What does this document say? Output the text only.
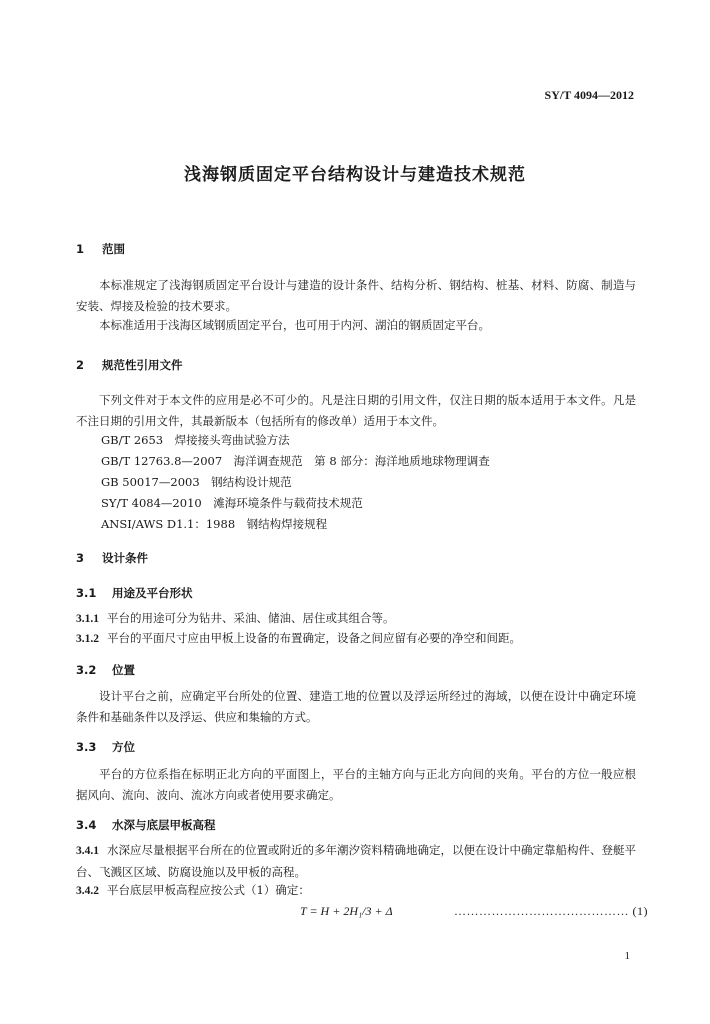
SY/T 4094—2012
浅海钢质固定平台结构设计与建造技术规范
1 范围
本标准规定了浅海钢质固定平台设计与建造的设计条件、结构分析、钢结构、桩基、材料、防腐、制造与安装、焊接及检验的技术要求。
本标准适用于浅海区域钢质固定平台，也可用于内河、湖泊的钢质固定平台。
2 规范性引用文件
下列文件对于本文件的应用是必不可少的。凡是注日期的引用文件，仅注日期的版本适用于本文件。凡是不注日期的引用文件，其最新版本（包括所有的修改单）适用于本文件。
GB/T 2653　焊接接头弯曲试验方法
GB/T 12763.8—2007　海洋调查规范　第 8 部分：海洋地质地球物理调查
GB 50017—2003　钢结构设计规范
SY/T 4084—2010　滩海环境条件与载荷技术规范
ANSI/AWS D1.1：1988　钢结构焊接规程
3 设计条件
3.1 用途及平台形状
3.1.1 平台的用途可分为钻井、采油、储油、居住或其组合等。
3.1.2 平台的平面尺寸应由甲板上设备的布置确定，设备之间应留有必要的净空和间距。
3.2 位置
设计平台之前，应确定平台所处的位置、建造工地的位置以及浮运所经过的海域，以便在设计中确定环境条件和基础条件以及浮运、供应和集输的方式。
3.3 方位
平台的方位系指在标明正北方向的平面图上，平台的主轴方向与正北方向间的夹角。平台的方位一般应根据风向、流向、波向、流冰方向或者使用要求确定。
3.4 水深与底层甲板高程
3.4.1 水深应尽量根据平台所在的位置或附近的多年潮汐资料精确地确定，以便在设计中确定靠船构件、登艇平台、飞溅区区域、防腐设施以及甲板的高程。
3.4.2 平台底层甲板高程应按公式（1）确定：
T = H + 2H₁/3 + Δ	…………………………………… (1)
1
